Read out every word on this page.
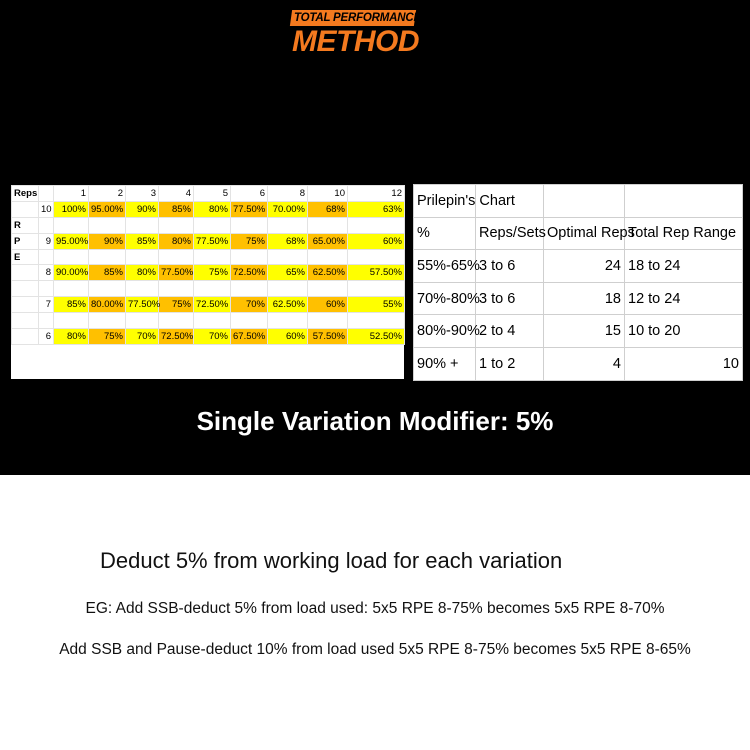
TOTAL PERFORMANCE
METHOD
Reps		1	2	3	4	5	6	8	10	12
	10	100%	95.00%	90%	85%	80%	77.50%	70.00%	68%	63%
R										
P	9	95.00%	90%	85%	80%	77.50%	75%	68%	65.00%	60%
E										
	8	90.00%	85%	80%	77.50%	75%	72.50%	65%	62.50%	57.50%

	7	85%	80.00%	77.50%	75%	72.50%	70%	62.50%	60%	55%

	6	80%	75%	70%	72.50%	70%	67.50%	60%	57.50%	52.50%
Prilepin's Chart			
%	Reps/Sets	Optimal Reps	Total Rep Range
55%-65%	3 to 6	24	18 to 24
70%-80%	3 to 6	18	12 to 24
80%-90%	2 to 4	15	10 to 20
90% +	1 to 2	4	10
Single Variation Modifier: 5%
Deduct 5% from working load for each variation
EG: Add SSB-deduct 5% from load used: 5x5 RPE 8-75% becomes 5x5 RPE 8-70%
Add SSB and Pause-deduct 10% from load used 5x5 RPE 8-75% becomes 5x5 RPE 8-65%
